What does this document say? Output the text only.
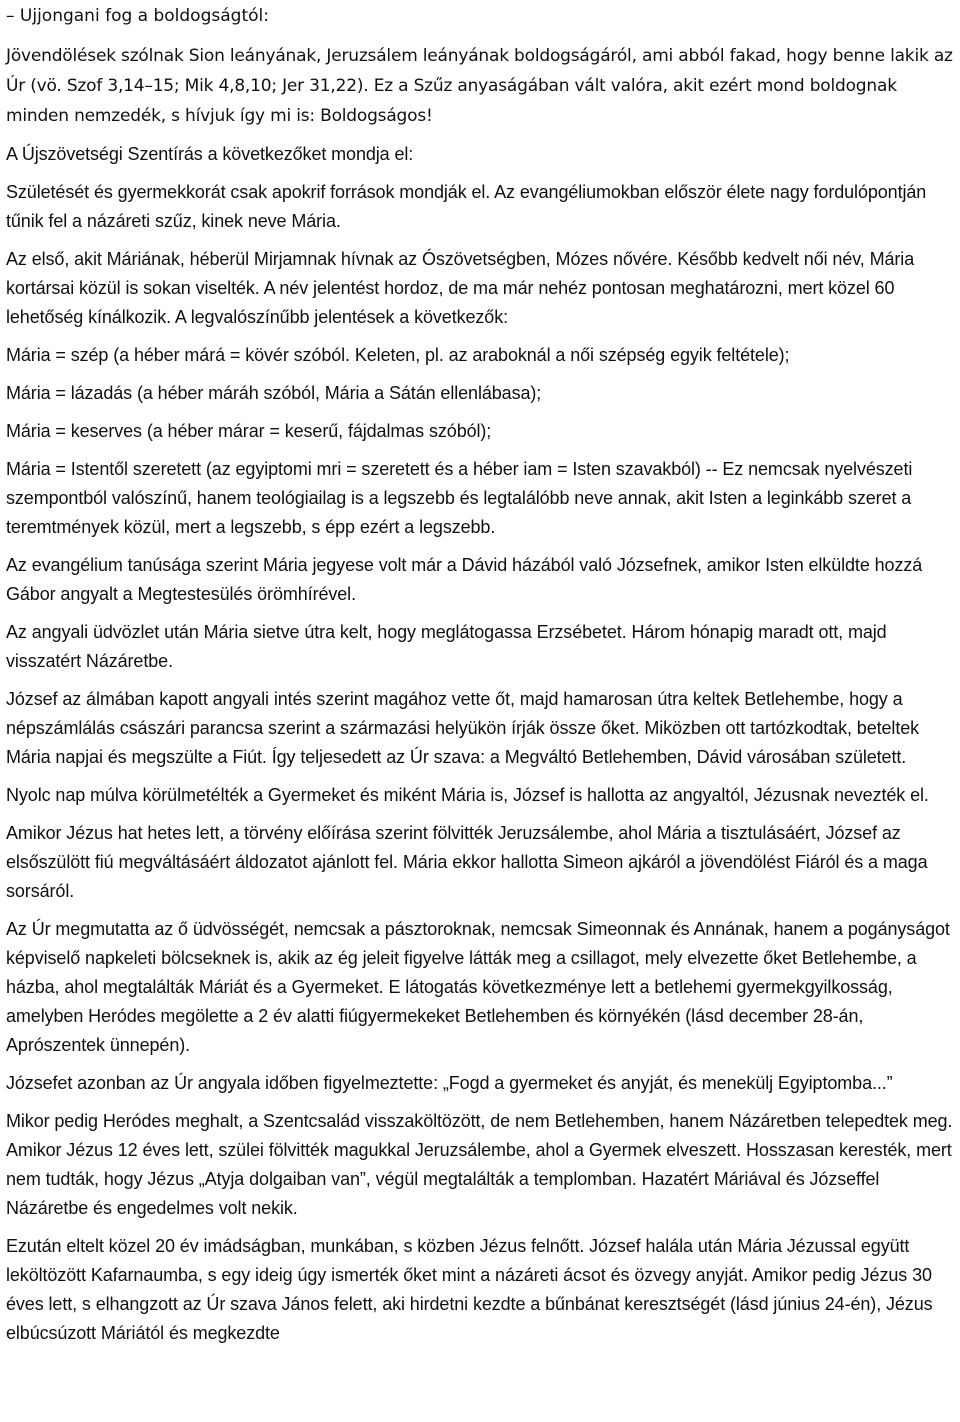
– Ujjongani fog a boldogságtól:

Jövendölések szólnak Sion leányának, Jeruzsálem leányának boldogságáról, ami abból fakad, hogy benne lakik az Úr (vö. Szof 3,14–15; Mik 4,8,10; Jer 31,22). Ez a Szűz anyaságában vált valóra, akit ezért mond boldognak minden nemzedék, s hívjuk így mi is: Boldogságos!

A Újszövetségi Szentírás a következőket mondja el:

Születését és gyermekkorát csak apokrif források mondják el. Az evangéliumokban először élete nagy fordulópontján tűnik fel a názáreti szűz, kinek neve Mária.

Az első, akit Máriának, héberül Mirjamnak hívnak az Ószövetségben, Mózes nővére. Később kedvelt női név, Mária kortársai közül is sokan viselték. A név jelentést hordoz, de ma már nehéz pontosan meghatározni, mert közel 60 lehetőség kínálkozik. A legvalószínűbb jelentések a következők:

Mária = szép (a héber márá = kövér szóból. Keleten, pl. az araboknál a női szépség egyik feltétele);

Mária = lázadás (a héber máráh szóból, Mária a Sátán ellenlábasa);

Mária = keserves (a héber márar = keserű, fájdalmas szóból);

Mária = Istentől szeretett (az egyiptomi mri = szeretett és a héber iam = Isten szavakból) -- Ez nemcsak nyelvészeti szempontból valószínű, hanem teológiailag is a legszebb és legtalálóbb neve annak, akit Isten a leginkább szeret a teremtmények közül, mert a legszebb, s épp ezért a legszebb.

Az evangélium tanúsága szerint Mária jegyese volt már a Dávid házából való Józsefnek, amikor Isten elküldte hozzá Gábor angyalt a Megtestesülés örömhírével.

Az angyali üdvözlet után Mária sietve útra kelt, hogy meglátogassa Erzsébetet. Három hónapig maradt ott, majd visszatért Názáretbe.

József az álmában kapott angyali intés szerint magához vette őt, majd hamarosan útra keltek Betlehembe, hogy a népszámlálás császári parancsa szerint a származási helyükön írják össze őket. Miközben ott tartózkodtak, beteltek Mária napjai és megszülte a Fiút. Így teljesedett az Úr szava: a Megváltó Betlehemben, Dávid városában született.

Nyolc nap múlva körülmetélték a Gyermeket és miként Mária is, József is hallotta az angyaltól, Jézusnak nevezték el.

Amikor Jézus hat hetes lett, a törvény előírása szerint fölvitték Jeruzsálembe, ahol Mária a tisztulásáért, József az elsőszülött fiú megváltásáért áldozatot ajánlott fel. Mária ekkor hallotta Simeon ajkáról a jövendölést Fiáról és a maga sorsáról.

Az Úr megmutatta az ő üdvösségét, nemcsak a pásztoroknak, nemcsak Simeonnak és Annának, hanem a pogányságot képviselő napkeleti bölcseknek is, akik az ég jeleit figyelve látták meg a csillagot, mely elvezette őket Betlehembe, a házba, ahol megtalálták Máriát és a Gyermeket. E látogatás következménye lett a betlehemi gyermekgyilkosság, amelyben Heródes megölette a 2 év alatti fiúgyermekeket Betlehemben és környékén (lásd december 28-án, Aprószentek ünnepén).

Józsefet azonban az Úr angyala időben figyelmeztette: „Fogd a gyermeket és anyját, és menekülj Egyiptomba...”

Mikor pedig Heródes meghalt, a Szentcsalád visszaköltözött, de nem Betlehemben, hanem Názáretben telepedtek meg. Amikor Jézus 12 éves lett, szülei fölvitték magukkal Jeruzsálembe, ahol a Gyermek elveszett. Hosszasan keresték, mert nem tudták, hogy Jézus „Atyja dolgaiban van”, végül megtalálták a templomban. Hazatért Máriával és Józseffel Názáretbe és engedelmes volt nekik.

Ezután eltelt közel 20 év imádságban, munkában, s közben Jézus felnőtt. József halála után Mária Jézussal együtt leköltözött Kafarnaumba, s egy ideig úgy ismerték őket mint a názáreti ácsot és özvegy anyját. Amikor pedig Jézus 30 éves lett, s elhangzott az Úr szava János felett, aki hirdetni kezdte a bűnbánat keresztségét (lásd június 24-én), Jézus elbúcsúzott Máriától és megkezdte
